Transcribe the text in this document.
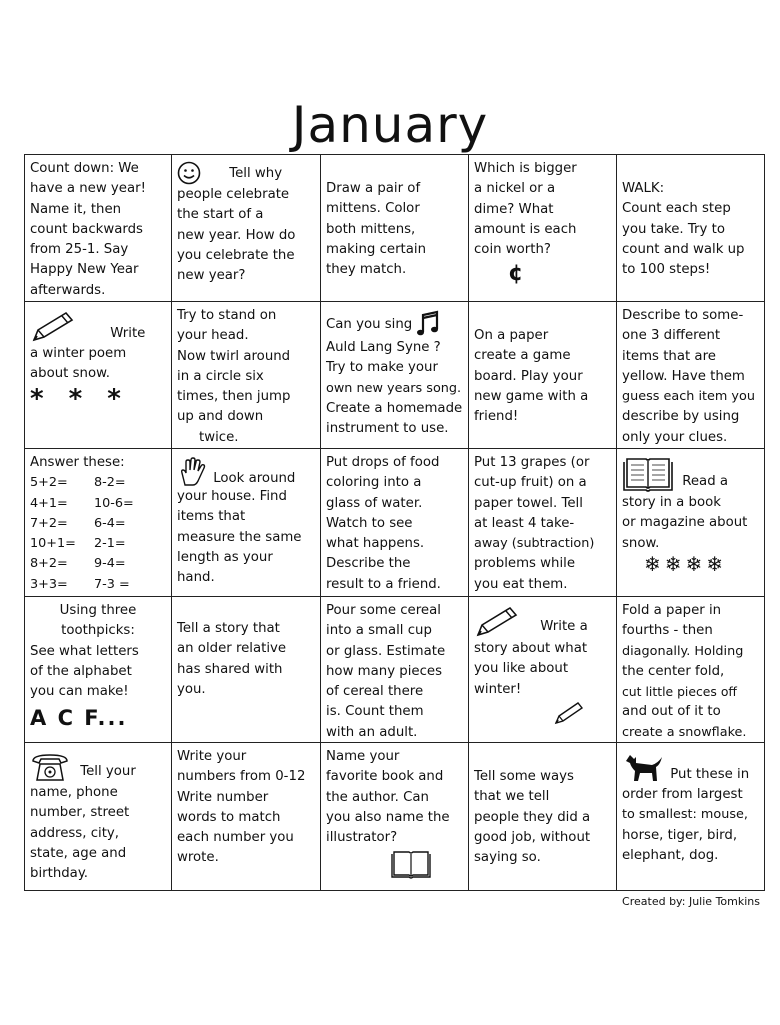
January
Count down: We
have a new year!
Name it, then
count backwards
from 25-1. Say
Happy New Year
afterwards.
Tell why
people celebrate
the start of a
new year. How do
you celebrate the
new year?
Draw a pair of
mittens. Color
both mittens,
making certain
they match.
Which is bigger
a nickel or a
dime? What
amount is each
coin worth?
¢
WALK:
Count each step
you take. Try to
count and walk up
to 100 steps!
Write
a winter poem
about snow.
* * *
Try to stand on
your head.
Now twirl around
in a circle six
times, then jump
up and down
twice.
Can you sing
Auld Lang Syne ?
Try to make your
own new years song.
Create a homemade
instrument to use.
On a paper
create a game
board. Play your
new game with a
friend!
Describe to some-
one 3 different
items that are
yellow. Have them
guess each item you
describe by using
only your clues.
Answer these:
5+2=	8-2=
4+1=	10-6=
7+2=	6-4=
10+1=	2-1=
8+2=	9-4=
3+3=	7-3 =
Look around
your house. Find
items that
measure the same
length as your
hand.
Put drops of food
coloring into a
glass of water.
Watch to see
what happens.
Describe the
result to a friend.
Put 13 grapes (or
cut-up fruit) on a
paper towel. Tell
at least 4 take-
away (subtraction)
problems while
you eat them.
Read a
story in a book
or magazine about
snow.
❄❄❄❄
Using three
toothpicks:
See what letters
of the alphabet
you can make!
A C F...
Tell a story that
an older relative
has shared with
you.
Pour some cereal
into a small cup
or glass. Estimate
how many pieces
of cereal there
is. Count them
with an adult.
Write a
story about what
you like about
winter!
Fold a paper in
fourths - then
diagonally. Holding
the center fold,
cut little pieces off
and out of it to
create a snowflake.
Tell your
name, phone
number, street
address, city,
state, age and
birthday.
Write your
numbers from 0-12
Write number
words to match
each number you
wrote.
Name your
favorite book and
the author. Can
you also name the
illustrator?
Tell some ways
that we tell
people they did a
good job, without
saying so.
Put these in
order from largest
to smallest: mouse,
horse, tiger, bird,
elephant, dog.
Created by: Julie Tomkins
